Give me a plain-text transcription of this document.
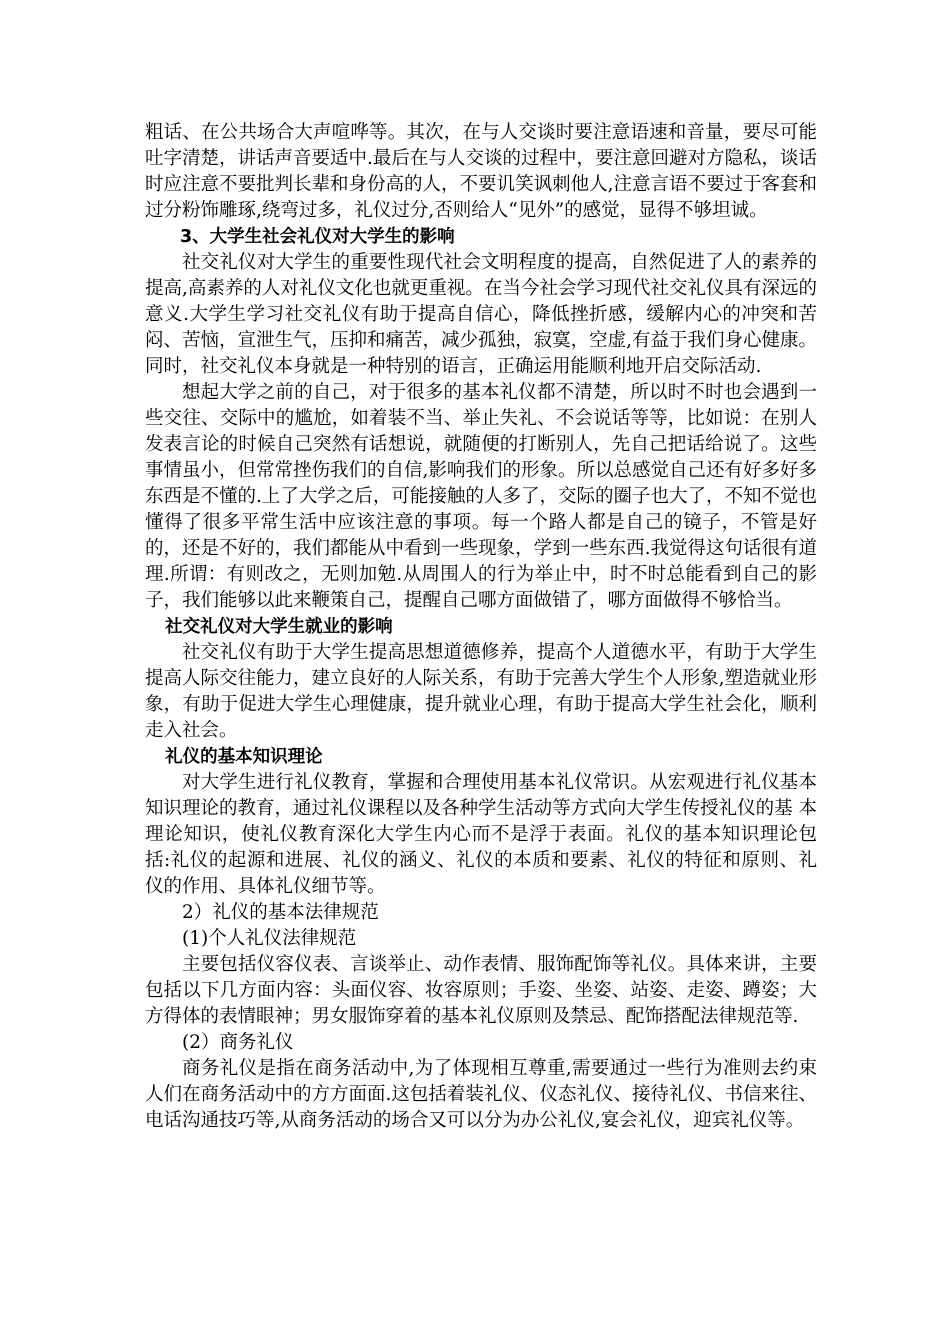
粗话、在公共场合大声喧哗等。其次，在与人交谈时要注意语速和音量，要尽可能吐字清楚，讲话声音要适中.最后在与人交谈的过程中，要注意回避对方隐私，谈话时应注意不要批判长辈和身份高的人，不要讥笑讽刺他人,注意言语不要过于客套和过分粉饰雕琢,绕弯过多，礼仪过分,否则给人“见外”的感觉，显得不够坦诚。

3、大学生社会礼仪对大学生的影响

社交礼仪对大学生的重要性现代社会文明程度的提高，自然促进了人的素养的提高,高素养的人对礼仪文化也就更重视。在当今社会学习现代社交礼仪具有深远的意义.大学生学习社交礼仪有助于提高自信心，降低挫折感，缓解内心的冲突和苦闷、苦恼，宣泄生气，压抑和痛苦，减少孤独，寂寞，空虚,有益于我们身心健康。同时，社交礼仪本身就是一种特别的语言，正确运用能顺利地开启交际活动.

想起大学之前的自己，对于很多的基本礼仪都不清楚，所以时不时也会遇到一些交往、交际中的尴尬，如着装不当、举止失礼、不会说话等等，比如说：在别人发表言论的时候自己突然有话想说，就随便的打断别人，先自己把话给说了。这些事情虽小，但常常挫伤我们的自信,影响我们的形象。所以总感觉自己还有好多好多东西是不懂的.上了大学之后，可能接触的人多了，交际的圈子也大了，不知不觉也懂得了很多平常生活中应该注意的事项。每一个路人都是自己的镜子，不管是好的，还是不好的，我们都能从中看到一些现象，学到一些东西.我觉得这句话很有道理.所谓：有则改之，无则加勉.从周围人的行为举止中，时不时总能看到自己的影子，我们能够以此来鞭策自己，提醒自己哪方面做错了，哪方面做得不够恰当。

社交礼仪对大学生就业的影响

社交礼仪有助于大学生提高思想道德修养，提高个人道德水平，有助于大学生提高人际交往能力，建立良好的人际关系，有助于完善大学生个人形象,塑造就业形象，有助于促进大学生心理健康，提升就业心理，有助于提高大学生社会化，顺利走入社会。

礼仪的基本知识理论

对大学生进行礼仪教育，掌握和合理使用基本礼仪常识。从宏观进行礼仪基本知识理论的教育，通过礼仪课程以及各种学生活动等方式向大学生传授礼仪的基 本理论知识，使礼仪教育深化大学生内心而不是浮于表面。礼仪的基本知识理论包括:礼仪的起源和进展、礼仪的涵义、礼仪的本质和要素、礼仪的特征和原则、礼 仪的作用、具体礼仪细节等。

2）礼仪的基本法律规范

(1)个人礼仪法律规范

主要包括仪容仪表、言谈举止、动作表情、服饰配饰等礼仪。具体来讲，主要包括以下几方面内容：头面仪容、妆容原则；手姿、坐姿、站姿、走姿、蹲姿；大方得体的表情眼神；男女服饰穿着的基本礼仪原则及禁忌、配饰搭配法律规范等.

(2）商务礼仪

商务礼仪是指在商务活动中,为了体现相互尊重,需要通过一些行为准则去约束人们在商务活动中的方方面面.这包括着装礼仪、仪态礼仪、接待礼仪、书信来往、电话沟通技巧等,从商务活动的场合又可以分为办公礼仪,宴会礼仪，迎宾礼仪等。
